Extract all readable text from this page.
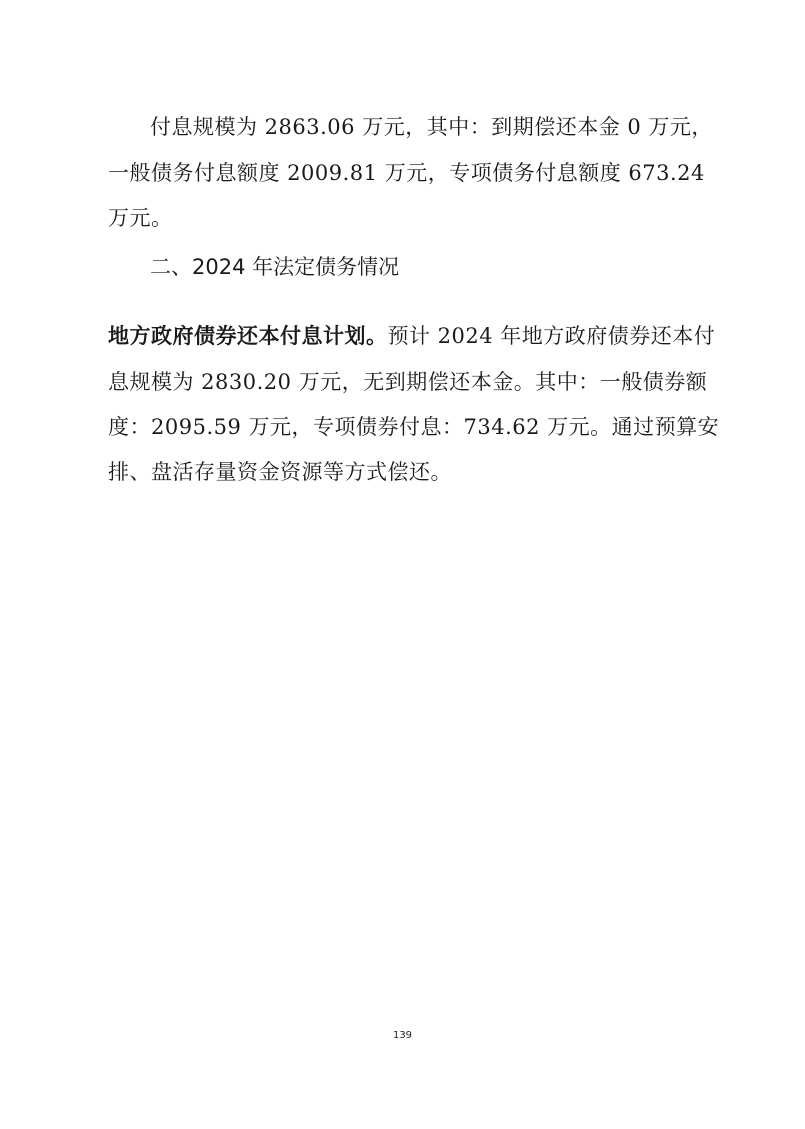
付息规模为 2863.06 万元，其中：到期偿还本金 0 万元，
一般债务付息额度 2009.81 万元，专项债务付息额度 673.24
万元。
二、2024 年法定债务情况
地方政府债券还本付息计划。预计 2024 年地方政府债券还本付
息规模为 2830.20 万元，无到期偿还本金。其中：一般债券额
度：2095.59 万元，专项债券付息：734.62 万元。通过预算安
排、盘活存量资金资源等方式偿还。
139
